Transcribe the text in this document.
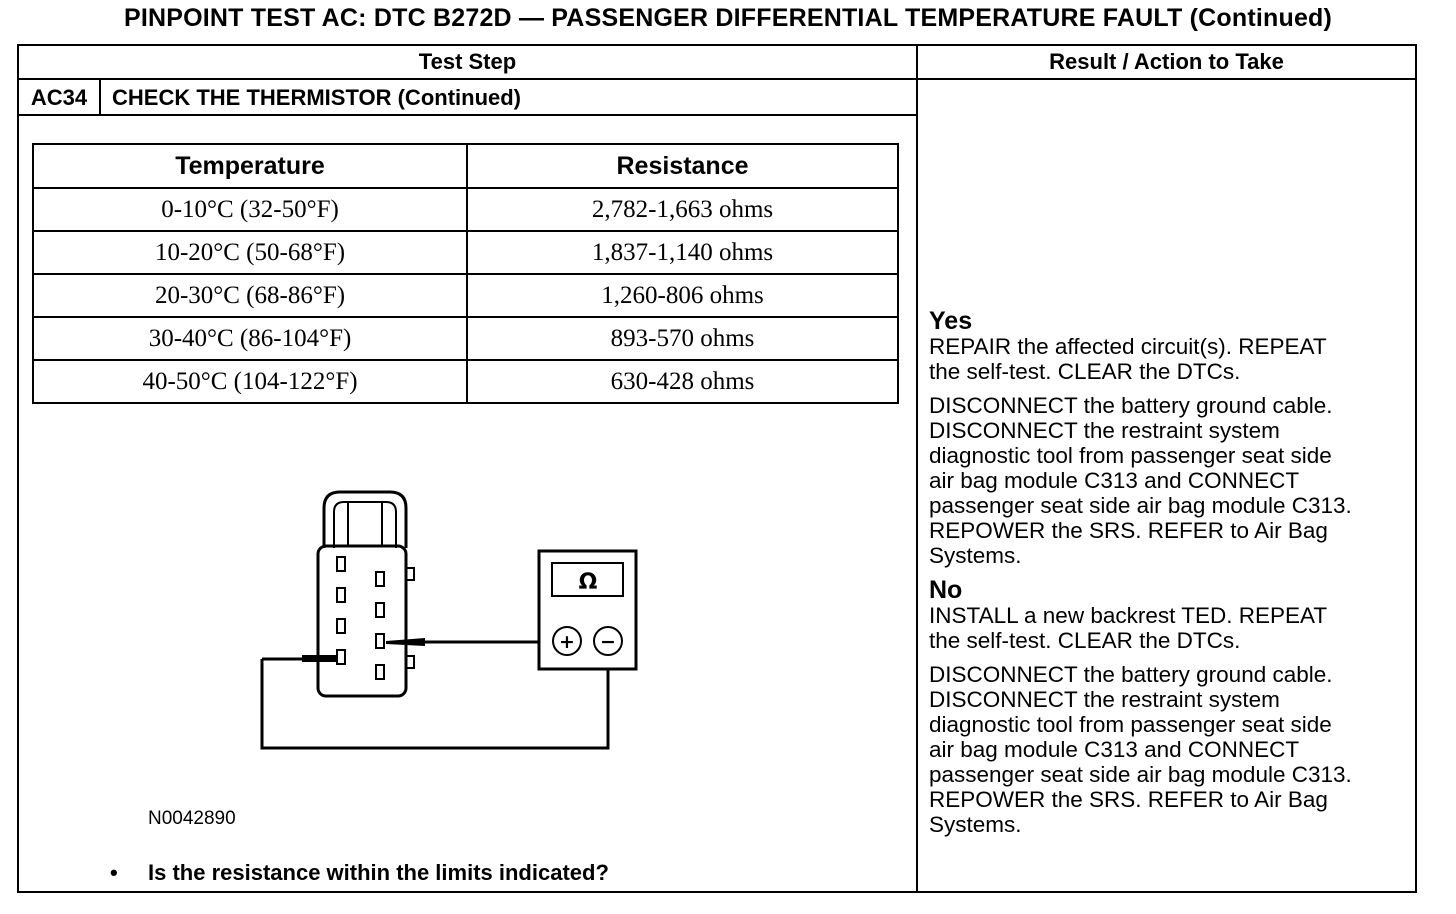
PINPOINT TEST AC: DTC B272D — PASSENGER DIFFERENTIAL TEMPERATURE FAULT (Continued)
Test Step	Result / Action to Take
AC34	CHECK THE THERMISTOR (Continued)
Temperature	Resistance
0-10°C (32-50°F)	2,782-1,663 ohms
10-20°C (50-68°F)	1,837-1,140 ohms
20-30°C (68-86°F)	1,260-806 ohms
30-40°C (86-104°F)	893-570 ohms
40-50°C (104-122°F)	630-428 ohms
Ω
+ −
N0042890
• Is the resistance within the limits indicated?
Yes
REPAIR the affected circuit(s). REPEAT
the self-test. CLEAR the DTCs.
DISCONNECT the battery ground cable.
DISCONNECT the restraint system
diagnostic tool from passenger seat side
air bag module C313 and CONNECT
passenger seat side air bag module C313.
REPOWER the SRS. REFER to Air Bag
Systems.
No
INSTALL a new backrest TED. REPEAT
the self-test. CLEAR the DTCs.
DISCONNECT the battery ground cable.
DISCONNECT the restraint system
diagnostic tool from passenger seat side
air bag module C313 and CONNECT
passenger seat side air bag module C313.
REPOWER the SRS. REFER to Air Bag
Systems.
